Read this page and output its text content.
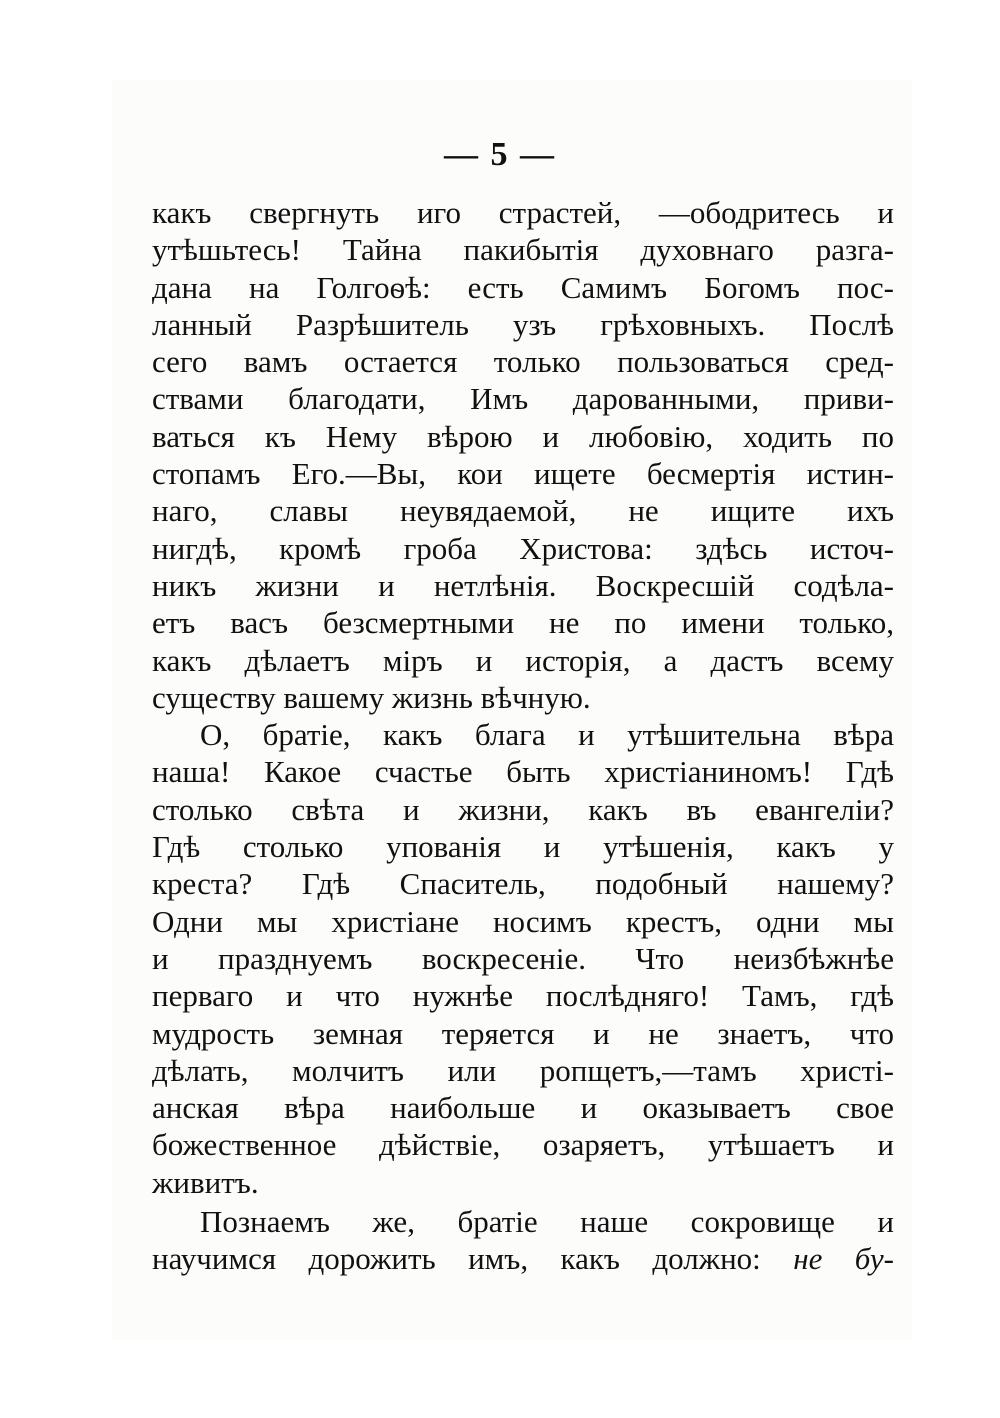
— 5 —
какъ свергнуть иго страстей, —ободритесь и
утѣшьтесь! Тайна пакибытія духовнаго разга-
дана на Голгоѳѣ: есть Самимъ Богомъ пос-
ланный Разрѣшитель узъ грѣховныхъ. Послѣ
сего вамъ остается только пользоваться сред-
ствами благодати, Имъ дарованными, приви-
ваться къ Нему вѣрою и любовію, ходить по
стопамъ Его.—Вы, кои ищете бесмертія истин-
наго, славы неувядаемой, не ищите ихъ
нигдѣ, кромѣ гроба Христова: здѣсь источ-
никъ жизни и нетлѣнія. Воскресшій содѣла-
етъ васъ безсмертными не по имени только,
какъ дѣлаетъ міръ и исторія, а дастъ всему
существу вашему жизнь вѣчную.
О, братіе, какъ блага и утѣшительна вѣра
наша! Какое счастье быть христіаниномъ! Гдѣ
столько свѣта и жизни, какъ въ евангеліи?
Гдѣ столько упованія и утѣшенія, какъ у
креста? Гдѣ Спаситель, подобный нашему?
Одни мы христіане носимъ крестъ, одни мы
и празднуемъ воскресеніе. Что неизбѣжнѣе
перваго и что нужнѣе послѣдняго! Тамъ, гдѣ
мудрость земная теряется и не знаетъ, что
дѣлать, молчитъ или ропщетъ,—тамъ христі-
анская вѣра наибольше и оказываетъ свое
божественное дѣйствіе, озаряетъ, утѣшаетъ и
живитъ.
Познаемъ же, братіе наше сокровище и
научимся дорожить имъ, какъ должно: не бу-
